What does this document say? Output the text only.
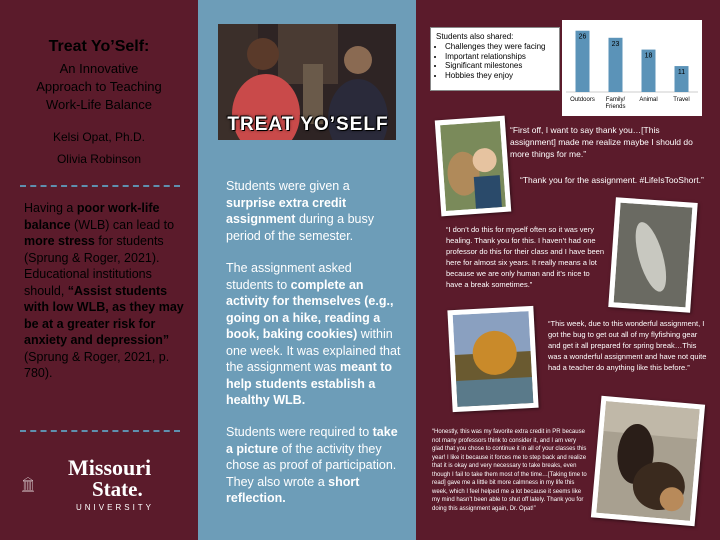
Treat Yo’Self:
An Innovative
Approach to Teaching
Work-Life Balance
Kelsi Opat, Ph.D.
Olivia Robinson
Having a poor work-life balance (WLB) can lead to more stress for students (Sprung & Roger, 2021). Educational institutions should, “Assist students with low WLB, as they may be at a greater risk for anxiety and depression” (Sprung & Roger, 2021, p. 780).
Missouri
State.
UNIVERSITY
TREAT YO’SELF
Students were given a surprise extra credit assignment during a busy period of the semester.
The assignment asked students to complete an activity for themselves (e.g., going on a hike, reading a book, baking cookies) within one week. It was explained that the assignment was meant to help students establish a healthy WLB.
Students were required to take a picture of the activity they chose as proof of participation. They also wrote a short reflection.
Students also shared:
• Challenges they were facing
• Important relationships
• Significant milestones
• Hobbies they enjoy
26
Outdoors
23
Family/
Friends
18
Animal
11
Travel
“First off, I want to say thank you…[This assignment] made me realize maybe I should do more things for me.”
“Thank you for the assignment. #LifeIsTooShort.”
“I don’t do this for myself often so it was very healing. Thank you for this. I haven’t had one professor do this for their class and I have been here for almost six years. It really means a lot because we are only human and it’s nice to have a break sometimes.”
“This week, due to this wonderful assignment, I got the bug to get out all of my flyfishing gear and get it all prepared for spring break…This was a wonderful assignment and have not quite had a teacher do anything like this before.”
“Honestly, this was my favorite extra credit in PR because not many professors think to consider it, and I am very glad that you chose to continue it in all of your classes this year! I like it because it forces me to step back and realize that it is okay and very necessary to take breaks, even though I fail to take them most of the time…[Taking time to read] gave me a little bit more calmness in my life this week, which I feel helped me a lot because it seems like my mind hasn’t been able to shut off lately. Thank you for doing this assignment again, Dr. Opat!”
